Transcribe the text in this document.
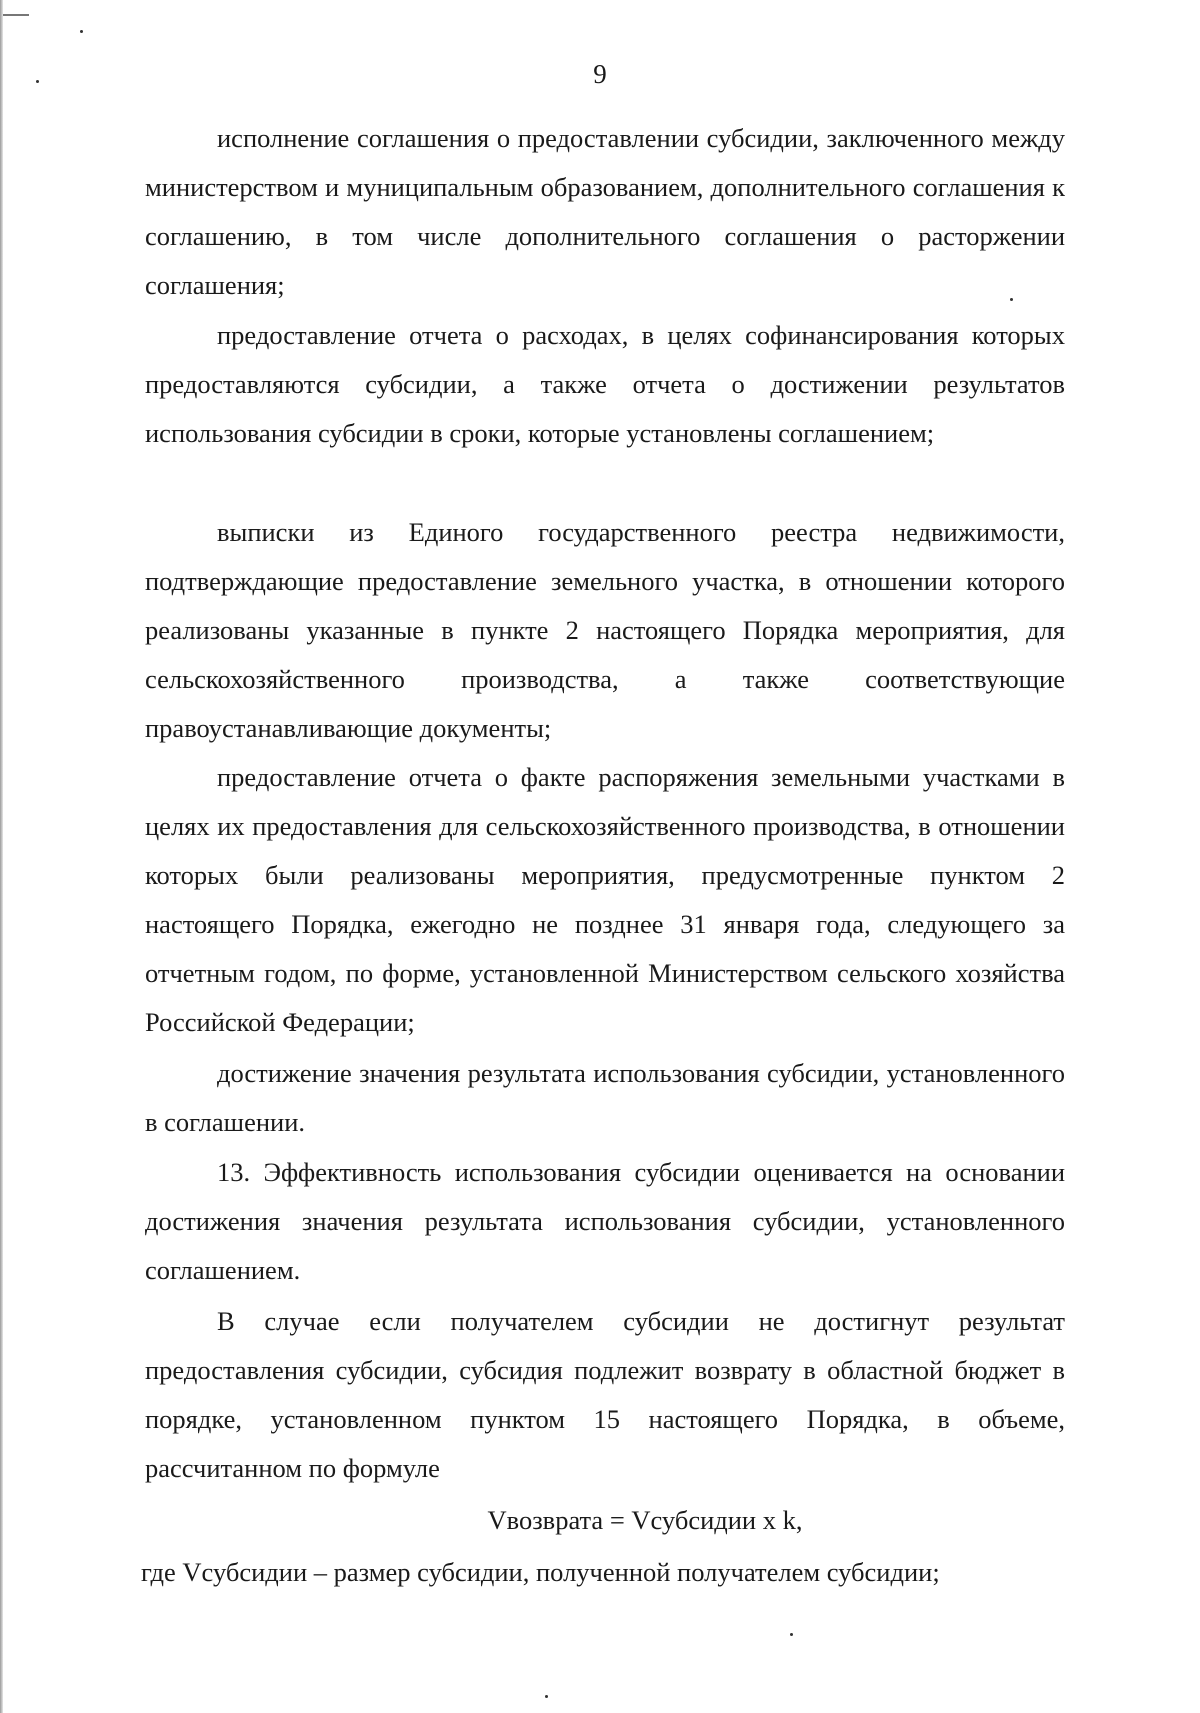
9

исполнение соглашения о предоставлении субсидии, заключенного между министерством и муниципальным образованием, дополнительного соглашения к соглашению, в том числе дополнительного соглашения о расторжении соглашения;

предоставление отчета о расходах, в целях софинансирования которых предоставляются субсидии, а также отчета о достижении результатов использования субсидии в сроки, которые установлены соглашением;

выписки из Единого государственного реестра недвижимости, подтверждающие предоставление земельного участка, в отношении которого реализованы указанные в пункте 2 настоящего Порядка мероприятия, для сельскохозяйственного производства, а также соответствующие правоустанавливающие документы;

предоставление отчета о факте распоряжения земельными участками в целях их предоставления для сельскохозяйственного производства, в отношении которых были реализованы мероприятия, предусмотренные пунктом 2 настоящего Порядка, ежегодно не позднее 31 января года, следующего за отчетным годом, по форме, установленной Министерством сельского хозяйства Российской Федерации;

достижение значения результата использования субсидии, установленного в соглашении.

13. Эффективность использования субсидии оценивается на основании достижения значения результата использования субсидии, установленного соглашением.

В случае если получателем субсидии не достигнут результат предоставления субсидии, субсидия подлежит возврату в областной бюджет в порядке, установленном пунктом 15 настоящего Порядка, в объеме, рассчитанном по формуле

Vвозврата = Vсубсидии x k,

где Vсубсидии – размер субсидии, полученной получателем субсидии;
